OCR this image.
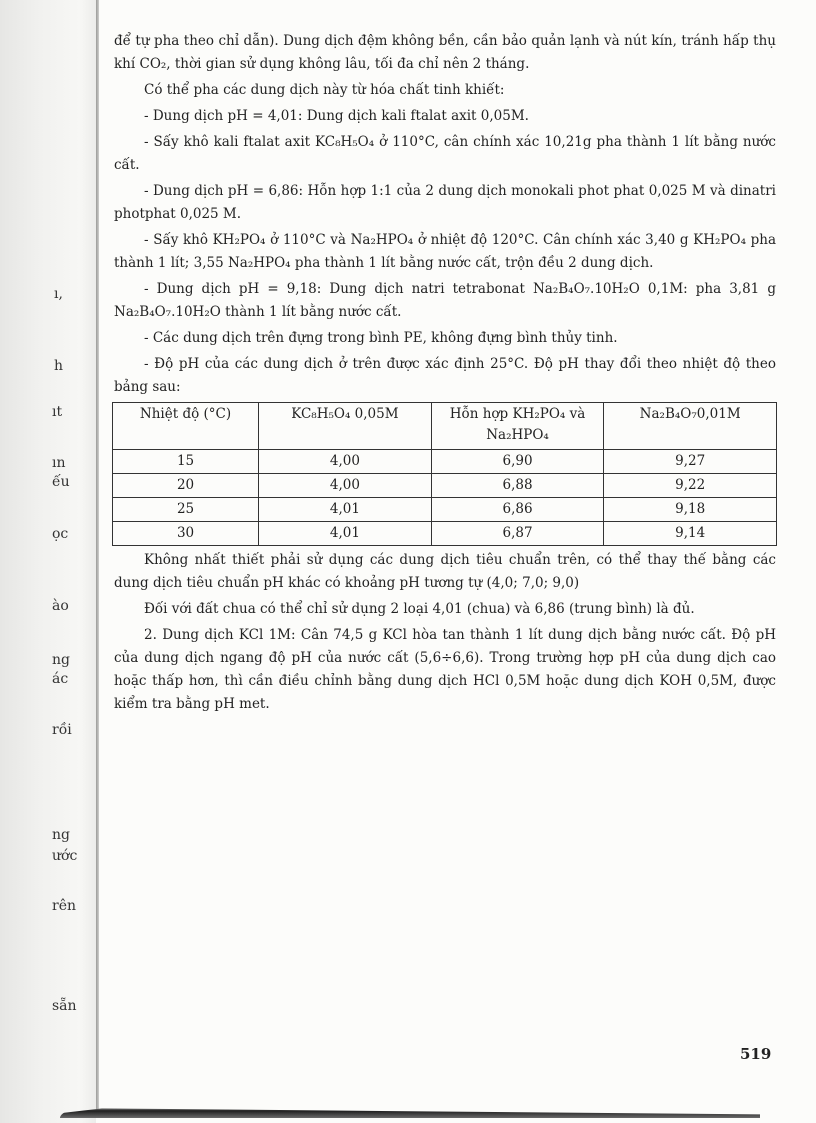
ı,
h
ıt
ın
ếu
ọc
ào
ng
ác
rồi
ng
ước
rên
sẵn

để tự pha theo chỉ dẫn). Dung dịch đệm không bền, cần bảo quản lạnh và nút kín, tránh hấp thụ khí CO₂, thời gian sử dụng không lâu, tối đa chỉ nên 2 tháng.

Có thể pha các dung dịch này từ hóa chất tinh khiết:

- Dung dịch pH = 4,01: Dung dịch kali ftalat axit 0,05M.

- Sấy khô kali ftalat axit KC₈H₅O₄ ở 110°C, cân chính xác 10,21g pha thành 1 lít bằng nước cất.

- Dung dịch pH = 6,86: Hỗn hợp 1:1 của 2 dung dịch monokali phot phat 0,025 M và dinatri photphat 0,025 M.

- Sấy khô KH₂PO₄ ở 110°C và Na₂HPO₄ ở nhiệt độ 120°C. Cân chính xác 3,40 g KH₂PO₄ pha thành 1 lít; 3,55 Na₂HPO₄ pha thành 1 lít bằng nước cất, trộn đều 2 dung dịch.

- Dung dịch pH = 9,18: Dung dịch natri tetrabonat Na₂B₄O₇.10H₂O 0,1M: pha 3,81 g Na₂B₄O₇.10H₂O thành 1 lít bằng nước cất.

- Các dung dịch trên đựng trong bình PE, không đựng bình thủy tinh.

- Độ pH của các dung dịch ở trên được xác định 25°C. Độ pH thay đổi theo nhiệt độ theo bảng sau:

Nhiệt độ (°C)	KC₈H₅O₄ 0,05M	Hỗn hợp KH₂PO₄ và Na₂HPO₄	Na₂B₄O₇0,01M
15	4,00	6,90	9,27
20	4,00	6,88	9,22
25	4,01	6,86	9,18
30	4,01	6,87	9,14

Không nhất thiết phải sử dụng các dung dịch tiêu chuẩn trên, có thể thay thế bằng các dung dịch tiêu chuẩn pH khác có khoảng pH tương tự (4,0; 7,0; 9,0)

Đối với đất chua có thể chỉ sử dụng 2 loại 4,01 (chua) và 6,86 (trung bình) là đủ.

2. Dung dịch KCl 1M: Cân 74,5 g KCl hòa tan thành 1 lít dung dịch bằng nước cất. Độ pH của dung dịch ngang độ pH của nước cất (5,6÷6,6). Trong trường hợp pH của dung dịch cao hoặc thấp hơn, thì cần điều chỉnh bằng dung dịch HCl 0,5M hoặc dung dịch KOH 0,5M, được kiểm tra bằng pH met.

519
